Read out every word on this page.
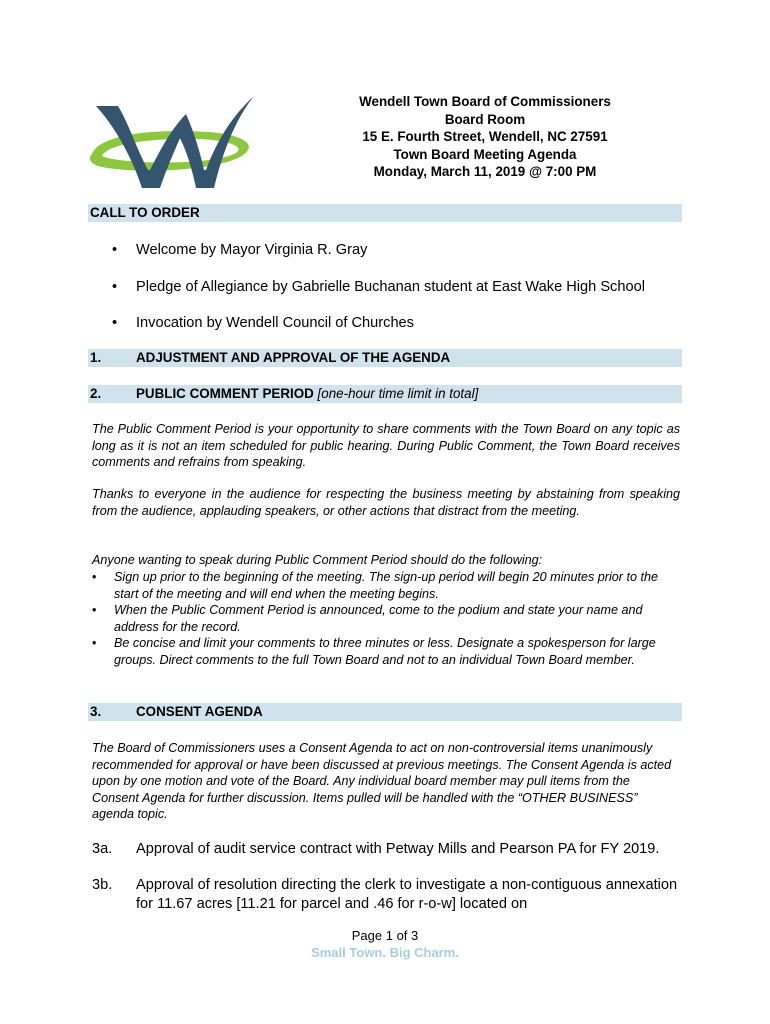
Wendell Town Board of Commissioners
Board Room
15 E. Fourth Street, Wendell, NC 27591
Town Board Meeting Agenda
Monday, March 11, 2019 @ 7:00 PM
CALL TO ORDER
• Welcome by Mayor Virginia R. Gray
• Pledge of Allegiance by Gabrielle Buchanan student at East Wake High School
• Invocation by Wendell Council of Churches
1.	ADJUSTMENT AND APPROVAL OF THE AGENDA
2.	PUBLIC COMMENT PERIOD [one-hour time limit in total]
The Public Comment Period is your opportunity to share comments with the Town Board on any topic as long as it is not an item scheduled for public hearing. During Public Comment, the Town Board receives comments and refrains from speaking.
Thanks to everyone in the audience for respecting the business meeting by abstaining from speaking from the audience, applauding speakers, or other actions that distract from the meeting.
Anyone wanting to speak during Public Comment Period should do the following:
• Sign up prior to the beginning of the meeting. The sign-up period will begin 20 minutes prior to the start of the meeting and will end when the meeting begins.
• When the Public Comment Period is announced, come to the podium and state your name and address for the record.
• Be concise and limit your comments to three minutes or less. Designate a spokesperson for large groups. Direct comments to the full Town Board and not to an individual Town Board member.
3.	CONSENT AGENDA
The Board of Commissioners uses a Consent Agenda to act on non-controversial items unanimously recommended for approval or have been discussed at previous meetings. The Consent Agenda is acted upon by one motion and vote of the Board. Any individual board member may pull items from the Consent Agenda for further discussion. Items pulled will be handled with the “OTHER BUSINESS” agenda topic.
3a. Approval of audit service contract with Petway Mills and Pearson PA for FY 2019.
3b. Approval of resolution directing the clerk to investigate a non-contiguous annexation for 11.67 acres [11.21 for parcel and .46 for r-o-w] located on
Page 1 of 3
Small Town. Big Charm.
